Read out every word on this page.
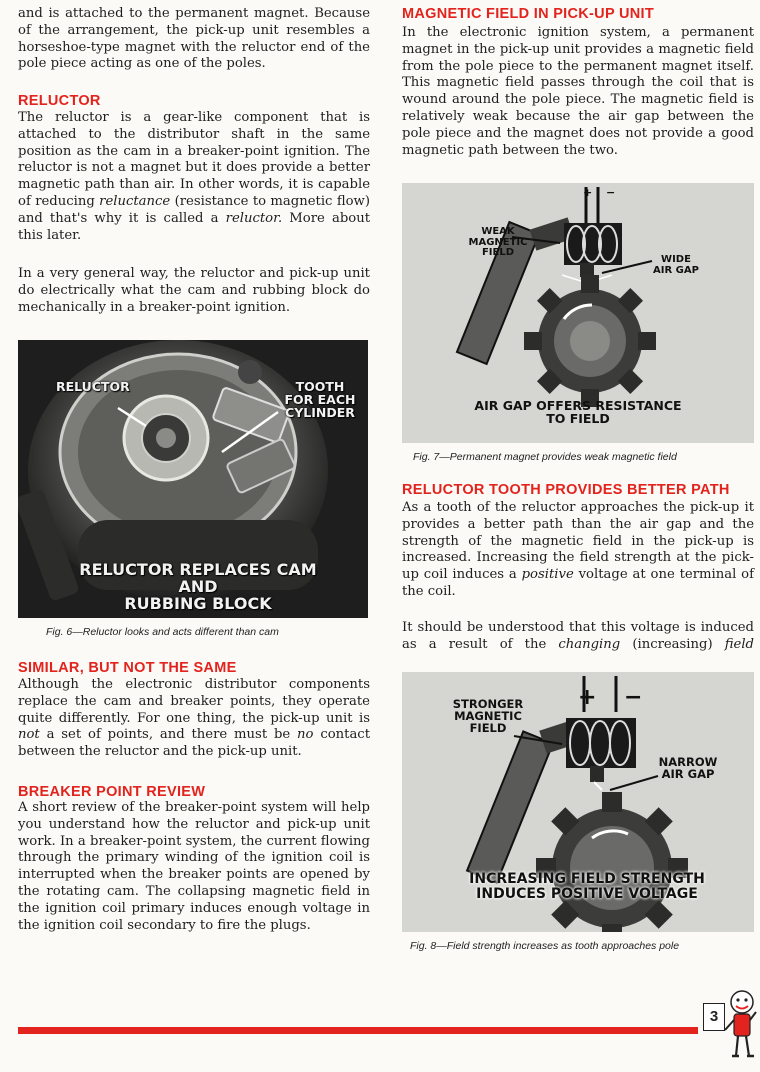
and is attached to the permanent magnet. Because of the arrangement, the pick-up unit resembles a horseshoe-type magnet with the reluctor end of the pole piece acting as one of the poles.

RELUCTOR

The reluctor is a gear-like component that is attached to the distributor shaft in the same position as the cam in a breaker-point ignition. The reluctor is not a magnet but it does provide a better magnetic path than air. In other words, it is capable of reducing reluctance (resistance to magnetic flow) and that's why it is called a reluctor. More about this later.

In a very general way, the reluctor and pick-up unit do electrically what the cam and rubbing block do mechanically in a breaker-point ignition.

RELUCTOR	TOOTH
FOR EACH
CYLINDER
RELUCTOR REPLACES CAM AND
RUBBING BLOCK
Fig. 6—Reluctor looks and acts different than cam
SIMILAR, BUT NOT THE SAME

Although the electronic distributor components replace the cam and breaker points, they operate quite differently. For one thing, the pick-up unit is not a set of points, and there must be no contact between the reluctor and the pick-up unit.

BREAKER POINT REVIEW

A short review of the breaker-point system will help you understand how the reluctor and pick-up unit work. In a breaker-point system, the current flowing through the primary winding of the ignition coil is interrupted when the breaker points are opened by the rotating cam. The collapsing magnetic field in the ignition coil primary induces enough voltage in the ignition coil secondary to fire the plugs.

MAGNETIC FIELD IN PICK-UP UNIT

In the electronic ignition system, a permanent magnet in the pick-up unit provides a magnetic field from the pole piece to the permanent magnet itself. This magnetic field passes through the coil that is wound around the pole piece. The magnetic field is relatively weak because the air gap between the pole piece and the magnet does not provide a good magnetic path between the two.

+ −
WEAK
MAGNETIC
FIELD
WIDE
AIR GAP
AIR GAP OFFERS RESISTANCE
TO FIELD
Fig. 7—Permanent magnet provides weak magnetic field
RELUCTOR TOOTH PROVIDES BETTER PATH

As a tooth of the reluctor approaches the pick-up it provides a better path than the air gap and the strength of the magnetic field in the pick-up is increased. Increasing the field strength at the pick-up coil induces a positive voltage at one terminal of the coil.

It should be understood that this voltage is induced as a result of the changing (increasing) field

+ −
STRONGER
MAGNETIC
FIELD
NARROW
AIR GAP
INCREASING FIELD STRENGTH
INDUCES POSITIVE VOLTAGE
Fig. 8—Field strength increases as tooth approaches pole
3
